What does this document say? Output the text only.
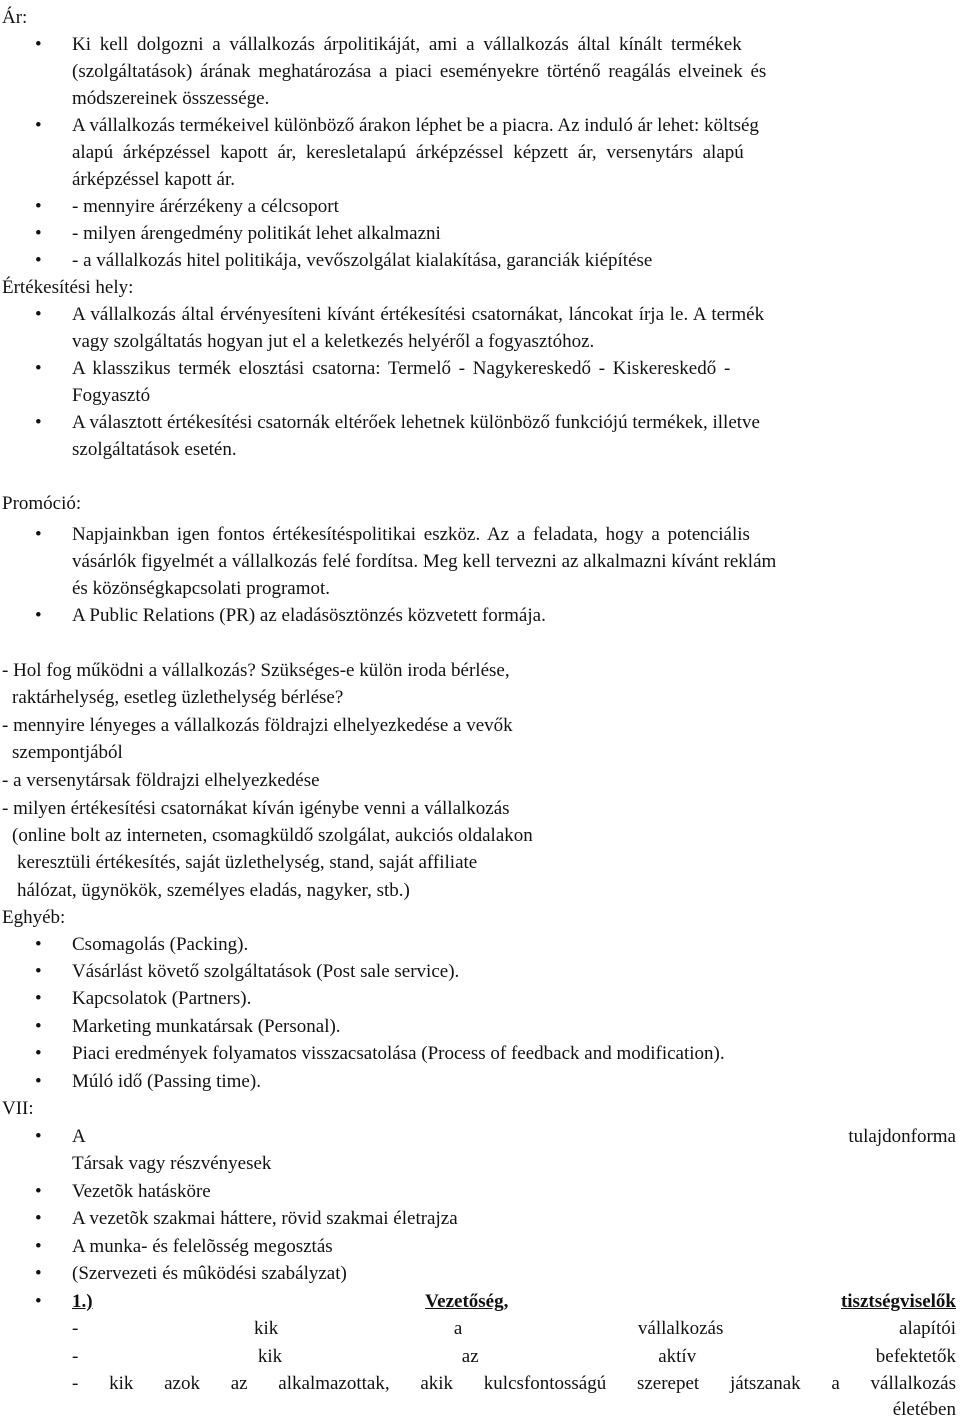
Ár:
• Ki kell dolgozni a vállalkozás árpolitikáját, ami a vállalkozás által kínált termékek
(szolgáltatások) árának meghatározása a piaci eseményekre történő reagálás elveinek és
módszereinek összessége.
• A vállalkozás termékeivel különböző árakon léphet be a piacra. Az induló ár lehet: költség
alapú árképzéssel kapott ár, keresletalapú árképzéssel képzett ár, versenytárs alapú
árképzéssel kapott ár.
• - mennyire árérzékeny a célcsoport
• - milyen árengedmény politikát lehet alkalmazni
• - a vállalkozás hitel politikája, vevőszolgálat kialakítása, garanciák kiépítése
Értékesítési hely:
• A vállalkozás által érvényesíteni kívánt értékesítési csatornákat, láncokat írja le. A termék
vagy szolgáltatás hogyan jut el a keletkezés helyéről a fogyasztóhoz.
• A klasszikus termék elosztási csatorna: Termelő - Nagykereskedő - Kiskereskedő -
Fogyasztó
• A választott értékesítési csatornák eltérőek lehetnek különböző funkciójú termékek, illetve
szolgáltatások esetén.
Promóció:
• Napjainkban igen fontos értékesítéspolitikai eszköz. Az a feladata, hogy a potenciális
vásárlók figyelmét a vállalkozás felé fordítsa. Meg kell tervezni az alkalmazni kívánt reklám
és közönségkapcsolati programot.
• A Public Relations (PR) az eladásösztönzés közvetett formája.
- Hol fog működni a vállalkozás? Szükséges-e külön iroda bérlése,
raktárhelység, esetleg üzlethelység bérlése?
- mennyire lényeges a vállalkozás földrajzi elhelyezkedése a vevők
szempontjából
- a versenytársak földrajzi elhelyezkedése
- milyen értékesítési csatornákat kíván igénybe venni a vállalkozás
(online bolt az interneten, csomagküldő szolgálat, aukciós oldalakon
keresztüli értékesítés, saját üzlethelység, stand, saját affiliate
hálózat, ügynökök, személyes eladás, nagyker, stb.)
Eghyéb:
• Csomagolás (Packing).
• Vásárlást követő szolgáltatások (Post sale service).
• Kapcsolatok (Partners).
• Marketing munkatársak (Personal).
• Piaci eredmények folyamatos visszacsatolása (Process of feedback and modification).
• Múló idő (Passing time).
VII:
• A	tulajdonforma
Társak vagy részvényesek
• Vezetõk hatásköre
• A vezetõk szakmai háttere, rövid szakmai életrajza
• A munka- és felelõsség megosztás
• (Szervezeti és mûködési szabályzat)
• 1.)	Vezetőség,	tisztségviselők
-	kik	a	vállalkozás	alapítói
-	kik	az	aktív	befektetők
- kik azok az alkalmazottak, akik kulcsfontosságú szerepet játszanak a vállalkozás
életében
